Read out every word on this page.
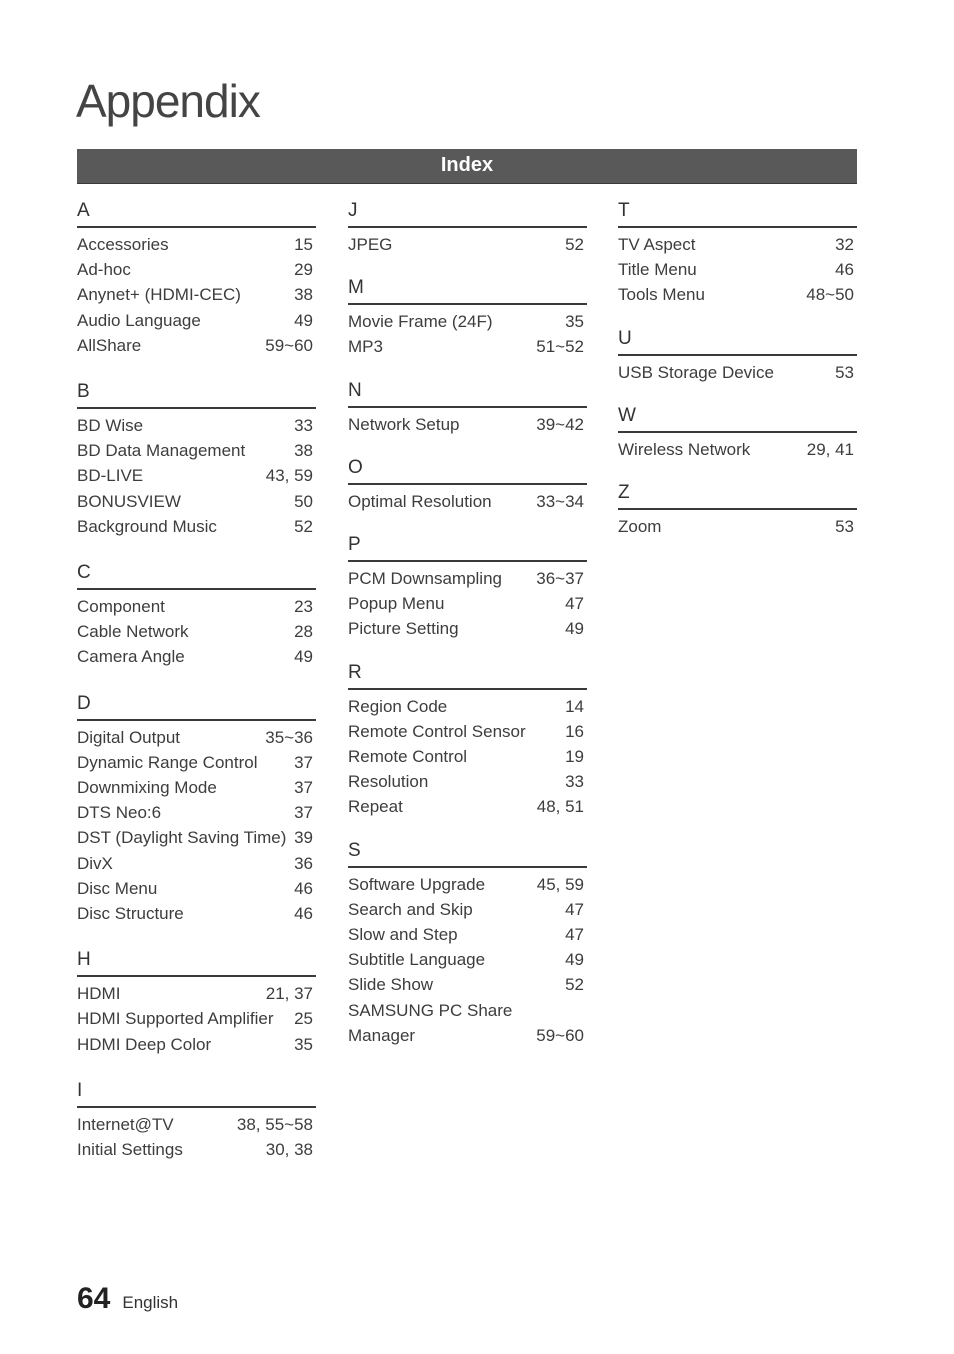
Appendix
Index
A
Accessories	15
Ad-hoc	29
Anynet+ (HDMI-CEC)	38
Audio Language	49
AllShare	59~60
B
BD Wise	33
BD Data Management	38
BD-LIVE	43, 59
BONUSVIEW	50
Background Music	52
C
Component	23
Cable Network	28
Camera Angle	49
D
Digital Output	35~36
Dynamic Range Control 37
Downmixing Mode	37
DTS Neo:6	37
DST (Daylight Saving Time) 39
DivX	36
Disc Menu	46
Disc Structure	46
H
HDMI	21, 37
HDMI Supported Amplifier 25
HDMI Deep Color	35
I
Internet@TV	38, 55~58
Initial Settings	30, 38
J
JPEG	52
M
Movie Frame (24F)	35
MP3	51~52
N
Network Setup	39~42
O
Optimal Resolution	33~34
P
PCM Downsampling 36~37
Popup Menu	47
Picture Setting	49
R
Region Code	14
Remote Control Sensor 16
Remote Control	19
Resolution	33
Repeat	48, 51
S
Software Upgrade	45, 59
Search and Skip	47
Slow and Step	47
Subtitle Language	49
Slide Show	52
SAMSUNG PC Share
Manager	59~60
T
TV Aspect	32
Title Menu	46
Tools Menu	48~50
U
USB Storage Device	53
W
Wireless Network	29, 41
Z
Zoom	53
64 English
